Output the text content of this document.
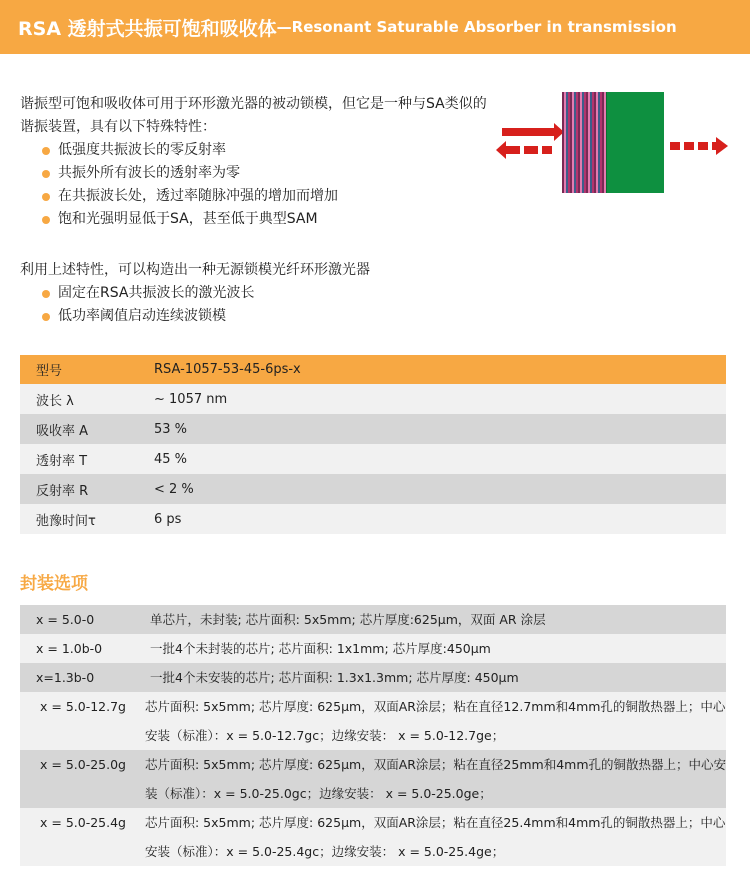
RSA 透射式共振可饱和吸收体 —Resonant Saturable Absorber in transmission

谐振型可饱和吸收体可用于环形激光器的被动锁模，但它是一种与SA类似的谐振装置，具有以下特殊特性：

低强度共振波长的零反射率
共振外所有波长的透射率为零
在共振波长处，透过率随脉冲强的增加而增加
饱和光强明显低于SA，甚至低于典型SAM

利用上述特性，可以构造出一种无源锁模光纤环形激光器

固定在RSA共振波长的激光波长
低功率阈值启动连续波锁模
型号	RSA-1057-53-45-6ps-x
波长 λ	~ 1057 nm
吸收率 A	53 %
透射率 T	45 %
反射率 R	< 2 %
弛豫时间τ	6 ps
封装选项
x = 5.0-0	单芯片，未封装; 芯片面积: 5x5mm; 芯片厚度:625µm，双面 AR 涂层
x = 1.0b-0	一批4个未封装的芯片; 芯片面积: 1x1mm; 芯片厚度:450µm
x=1.3b-0	一批4个未安装的芯片; 芯片面积: 1.3x1.3mm; 芯片厚度: 450µm
x = 5.0-12.7g	芯片面积: 5x5mm; 芯片厚度: 625µm，双面AR涂层；粘在直径12.7mm和4mm孔的铜散热器上；中心安装（标准）：x = 5.0-12.7gc；边缘安装： x = 5.0-12.7ge；
x = 5.0-25.0g	芯片面积: 5x5mm; 芯片厚度: 625µm，双面AR涂层；粘在直径25mm和4mm孔的铜散热器上；中心安装（标准）：x = 5.0-25.0gc；边缘安装： x = 5.0-25.0ge；
x = 5.0-25.4g	芯片面积: 5x5mm; 芯片厚度: 625µm，双面AR涂层；粘在直径25.4mm和4mm孔的铜散热器上；中心安装（标准）：x = 5.0-25.4gc；边缘安装： x = 5.0-25.4ge；
